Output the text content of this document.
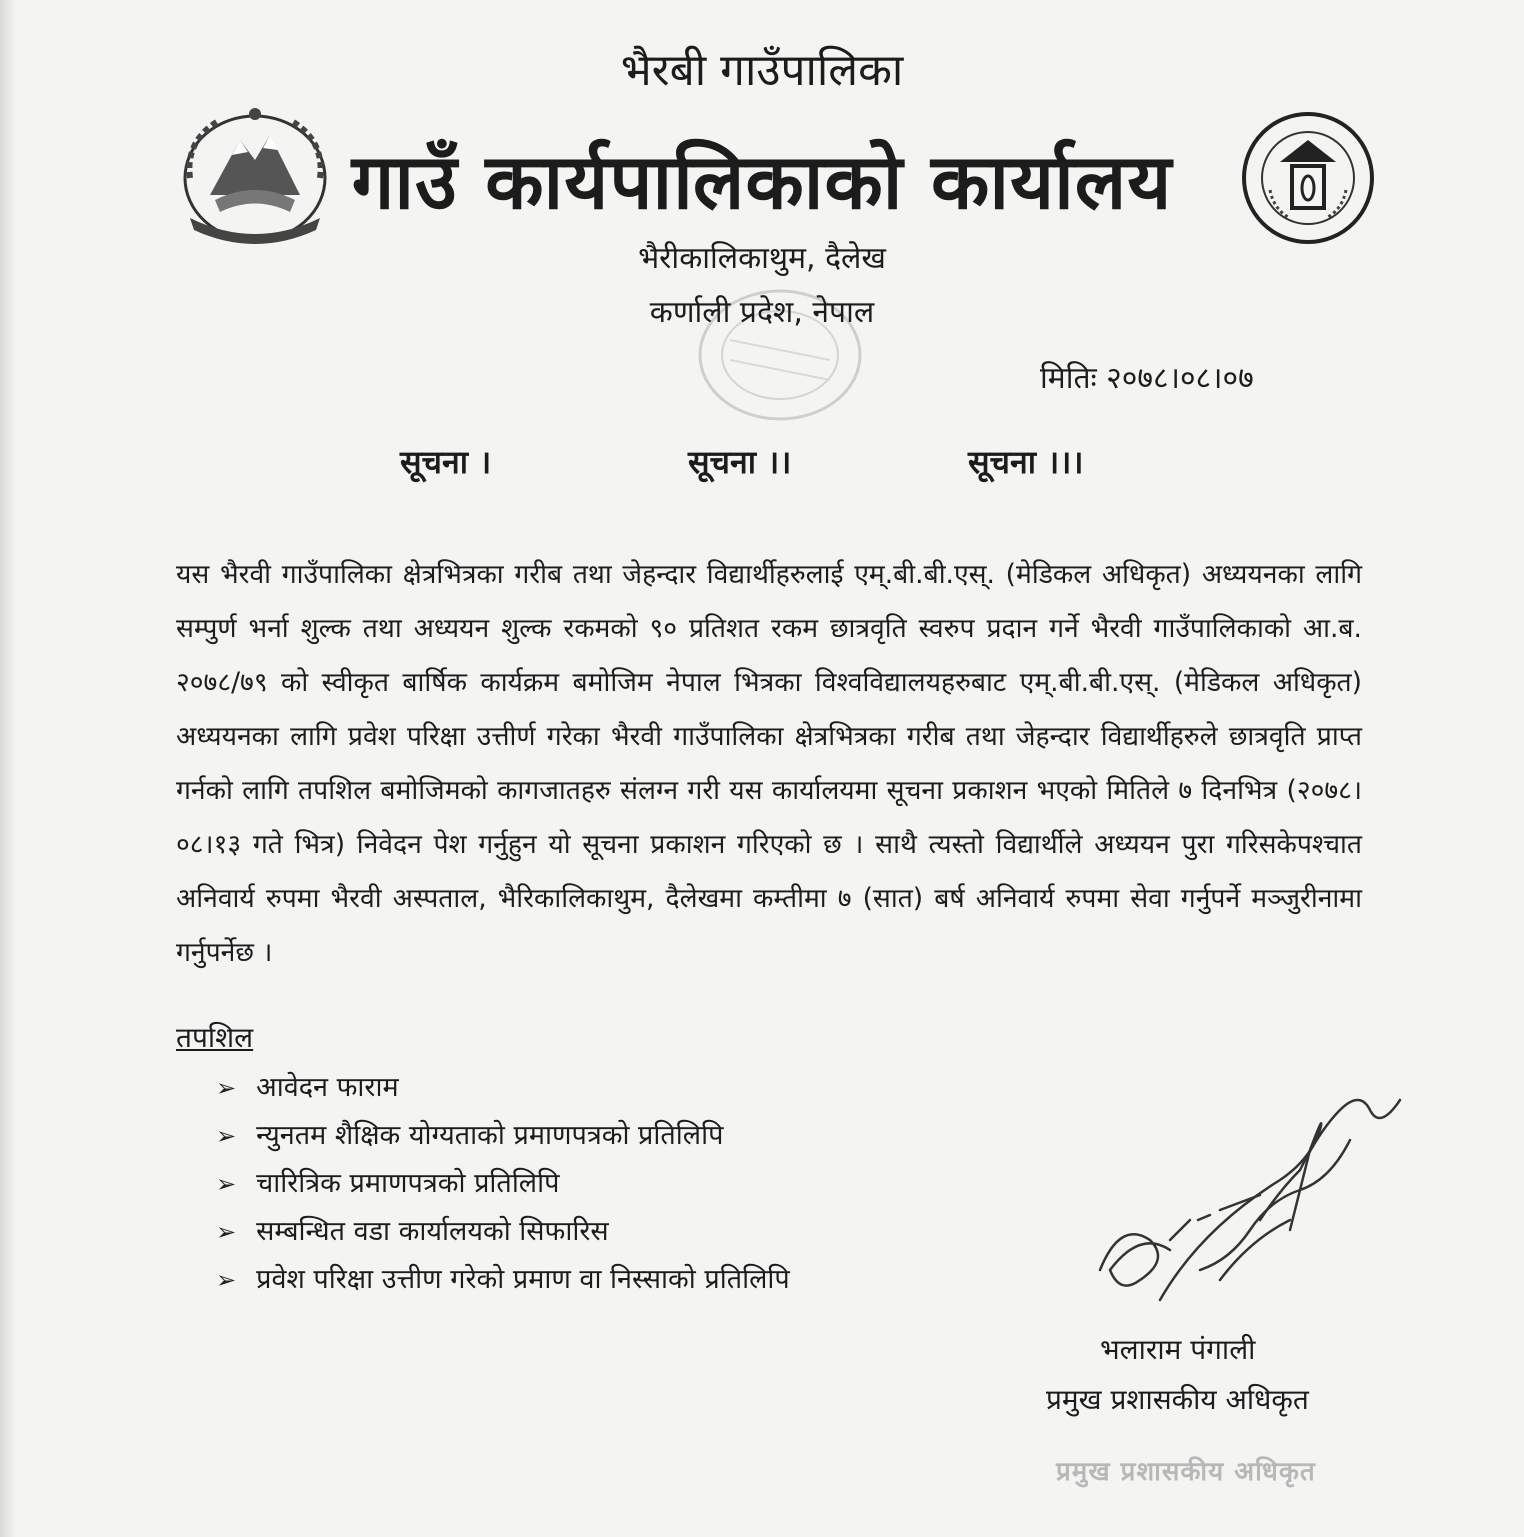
भैरबी गाउँपालिका
गाउँ कार्यपालिकाको कार्यालय
भैरीकालिकाथुम, दैलेख
कर्णाली प्रदेश, नेपाल
मितिः २०७८।०८।०७
सूचना ।	सूचना ।।	सूचना ।।।
यस भैरवी गाउँपालिका क्षेत्रभित्रका गरीब तथा जेहन्दार विद्यार्थीहरुलाई एम्.बी.बी.एस्. (मेडिकल अधिकृत) अध्ययनका लागि सम्पुर्ण भर्ना शुल्क तथा अध्ययन शुल्क रकमको ९० प्रतिशत रकम छात्रवृति स्वरुप प्रदान गर्ने भैरवी गाउँपालिकाको आ.ब. २०७८/७९ को स्वीकृत बार्षिक कार्यक्रम बमोजिम नेपाल भित्रका विश्वविद्यालयहरुबाट एम्.बी.बी.एस्. (मेडिकल अधिकृत) अध्ययनका लागि प्रवेश परिक्षा उत्तीर्ण गरेका भैरवी गाउँपालिका क्षेत्रभित्रका गरीब तथा जेहन्दार विद्यार्थीहरुले छात्रवृति प्राप्त गर्नको लागि तपशिल बमोजिमको कागजातहरु संलग्न गरी यस कार्यालयमा सूचना प्रकाशन भएको मितिले ७ दिनभित्र (२०७८।०८।१३ गते भित्र) निवेदन पेश गर्नुहुन यो सूचना प्रकाशन गरिएको छ । साथै त्यस्तो विद्यार्थीले अध्ययन पुरा गरिसकेपश्चात अनिवार्य रुपमा भैरवी अस्पताल, भैरिकालिकाथुम, दैलेखमा कम्तीमा ७ (सात) बर्ष अनिवार्य रुपमा सेवा गर्नुपर्ने मञ्जुरीनामा गर्नुपर्नेछ ।
तपशिल
➢ आवेदन फाराम
➢ न्युनतम शैक्षिक योग्यताको प्रमाणपत्रको प्रतिलिपि
➢ चारित्रिक प्रमाणपत्रको प्रतिलिपि
➢ सम्बन्धित वडा कार्यालयको सिफारिस
➢ प्रवेश परिक्षा उत्तीण गरेको प्रमाण वा निस्साको प्रतिलिपि
भलाराम पंगाली
प्रमुख प्रशासकीय अधिकृत
प्रमुख प्रशासकीय अधिकृत
